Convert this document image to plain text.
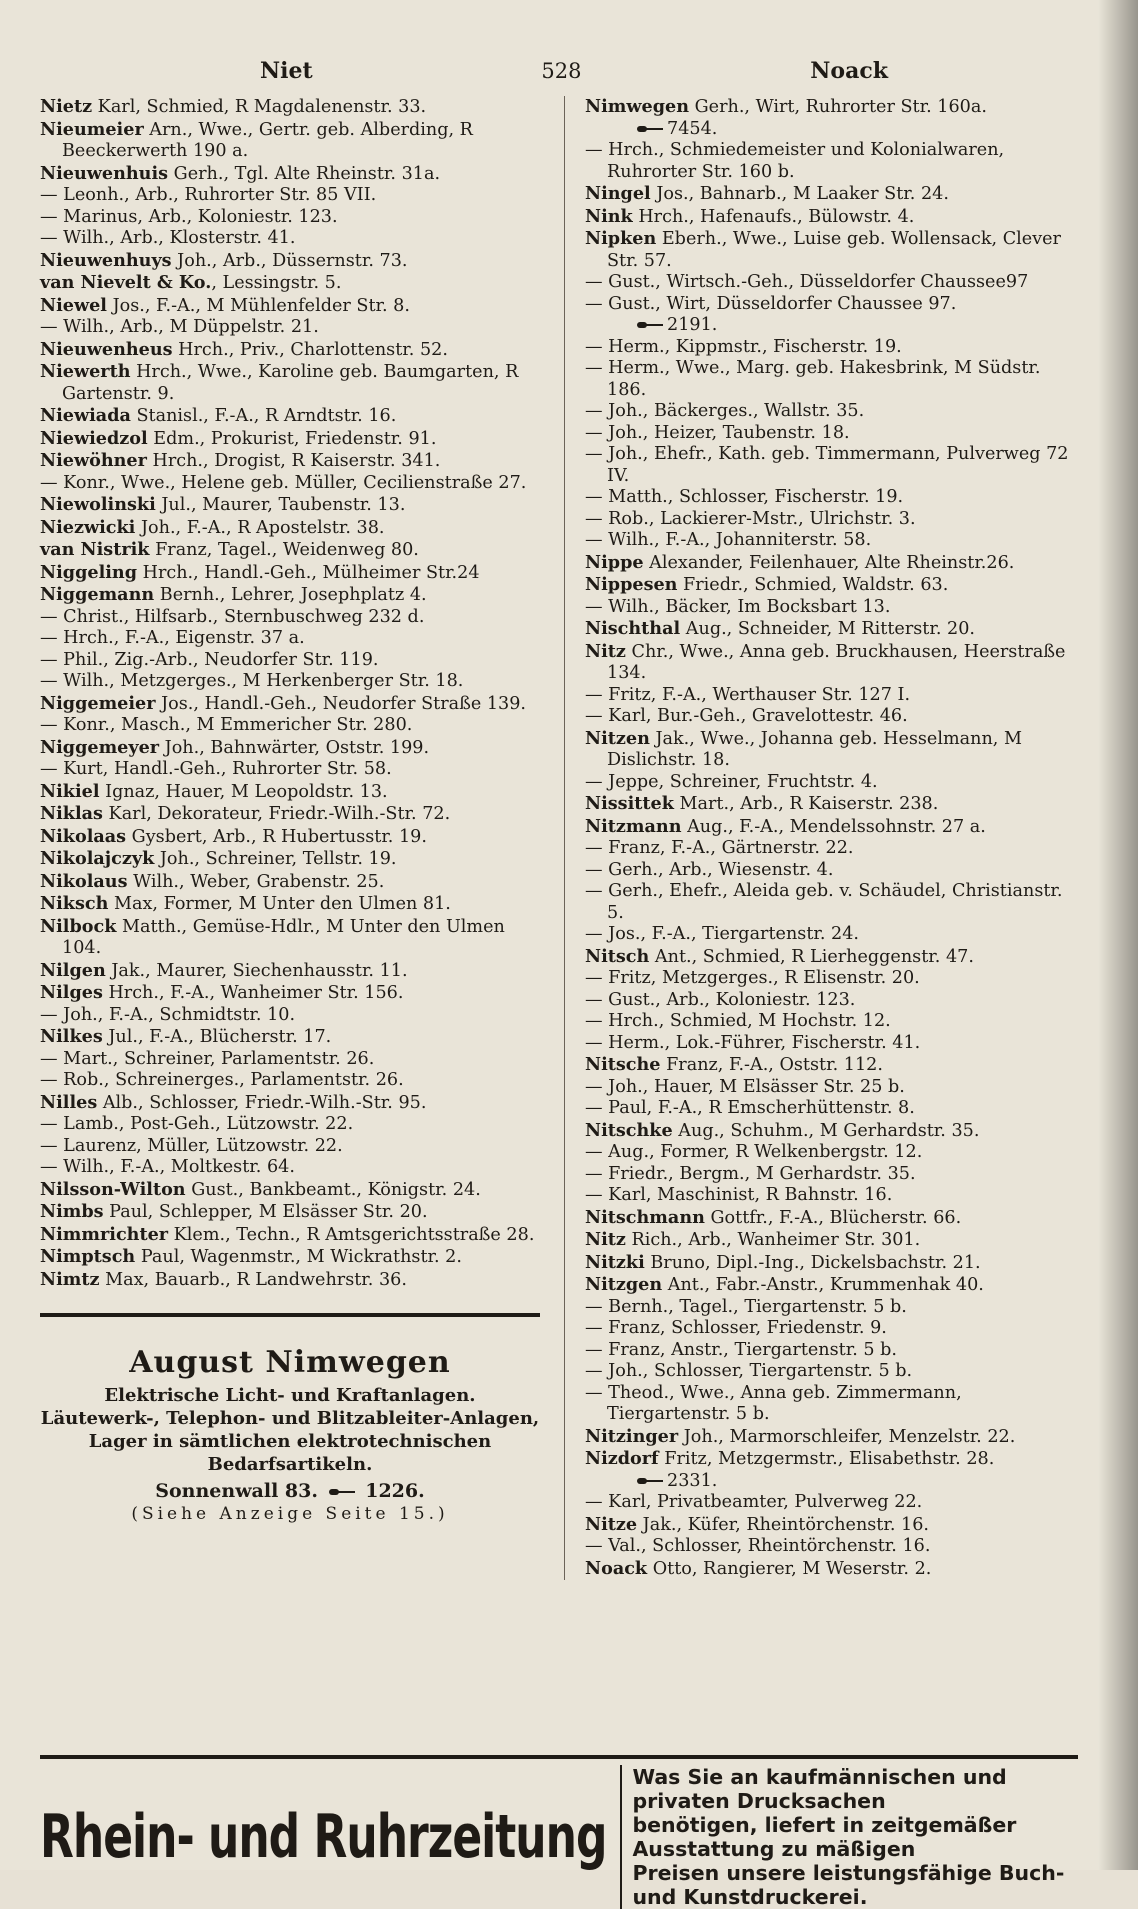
Niet	528	Noack

Nietz Karl, Schmied, R Magdalenenstr. 33.

Nieumeier Arn., Wwe., Gertr. geb. Alberding, R Beeckerwerth 190 a.

Nieuwenhuis Gerh., Tgl. Alte Rheinstr. 31a.

— Leonh., Arb., Ruhrorter Str. 85 VII.

— Marinus, Arb., Koloniestr. 123.

— Wilh., Arb., Klosterstr. 41.

Nieuwenhuys Joh., Arb., Düssernstr. 73.

van Nievelt & Ko., Lessingstr. 5.

Niewel Jos., F.-A., M Mühlenfelder Str. 8.

— Wilh., Arb., M Düppelstr. 21.

Nieuwenheus Hrch., Priv., Charlottenstr. 52.

Niewerth Hrch., Wwe., Karoline geb. Baumgarten, R Gartenstr. 9.

Niewiada Stanisl., F.-A., R Arndtstr. 16.

Niewiedzol Edm., Prokurist, Friedenstr. 91.

Niewöhner Hrch., Drogist, R Kaiserstr. 341.

— Konr., Wwe., Helene geb. Müller, Cecilienstraße 27.

Niewolinski Jul., Maurer, Taubenstr. 13.

Niezwicki Joh., F.-A., R Apostelstr. 38.

van Nistrik Franz, Tagel., Weidenweg 80.

Niggeling Hrch., Handl.-Geh., Mülheimer Str.24

Niggemann Bernh., Lehrer, Josephplatz 4.

— Christ., Hilfsarb., Sternbuschweg 232 d.

— Hrch., F.-A., Eigenstr. 37 a.

— Phil., Zig.-Arb., Neudorfer Str. 119.

— Wilh., Metzgerges., M Herkenberger Str. 18.

Niggemeier Jos., Handl.-Geh., Neudorfer Straße 139.

— Konr., Masch., M Emmericher Str. 280.

Niggemeyer Joh., Bahnwärter, Oststr. 199.

— Kurt, Handl.-Geh., Ruhrorter Str. 58.

Nikiel Ignaz, Hauer, M Leopoldstr. 13.

Niklas Karl, Dekorateur, Friedr.-Wilh.-Str. 72.

Nikolaas Gysbert, Arb., R Hubertusstr. 19.

Nikolajczyk Joh., Schreiner, Tellstr. 19.

Nikolaus Wilh., Weber, Grabenstr. 25.

Niksch Max, Former, M Unter den Ulmen 81.

Nilbock Matth., Gemüse-Hdlr., M Unter den Ulmen 104.

Nilgen Jak., Maurer, Siechenhausstr. 11.

Nilges Hrch., F.-A., Wanheimer Str. 156.

— Joh., F.-A., Schmidtstr. 10.

Nilkes Jul., F.-A., Blücherstr. 17.

— Mart., Schreiner, Parlamentstr. 26.

— Rob., Schreinerges., Parlamentstr. 26.

Nilles Alb., Schlosser, Friedr.-Wilh.-Str. 95.

— Lamb., Post-Geh., Lützowstr. 22.

— Laurenz, Müller, Lützowstr. 22.

— Wilh., F.-A., Moltkestr. 64.

Nilsson-Wilton Gust., Bankbeamt., Königstr. 24.

Nimbs Paul, Schlepper, M Elsässer Str. 20.

Nimmrichter Klem., Techn., R Amtsgerichtsstraße 28.

Nimptsch Paul, Wagenmstr., M Wickrathstr. 2.

Nimtz Max, Bauarb., R Landwehrstr. 36.

August Nimwegen
Elektrische Licht- und Kraftanlagen.
Läutewerk-, Telephon- und Blitzableiter-Anlagen, Lager in sämtlichen elektrotechnischen Bedarfsartikeln.
Sonnenwall 83. 1226.
(Siehe Anzeige Seite 15.)

Nimwegen Gerh., Wirt, Ruhrorter Str. 160a.

7454.

— Hrch., Schmiedemeister und Kolonialwaren, Ruhrorter Str. 160 b.

Ningel Jos., Bahnarb., M Laaker Str. 24.

Nink Hrch., Hafenaufs., Bülowstr. 4.

Nipken Eberh., Wwe., Luise geb. Wollensack, Clever Str. 57.

— Gust., Wirtsch.-Geh., Düsseldorfer Chaussee97

— Gust., Wirt, Düsseldorfer Chaussee 97.

2191.

— Herm., Kippmstr., Fischerstr. 19.

— Herm., Wwe., Marg. geb. Hakesbrink, M Südstr. 186.

— Joh., Bäckerges., Wallstr. 35.

— Joh., Heizer, Taubenstr. 18.

— Joh., Ehefr., Kath. geb. Timmermann, Pulverweg 72 IV.

— Matth., Schlosser, Fischerstr. 19.

— Rob., Lackierer-Mstr., Ulrichstr. 3.

— Wilh., F.-A., Johanniterstr. 58.

Nippe Alexander, Feilenhauer, Alte Rheinstr.26.

Nippesen Friedr., Schmied, Waldstr. 63.

— Wilh., Bäcker, Im Bocksbart 13.

Nischthal Aug., Schneider, M Ritterstr. 20.

Nitz Chr., Wwe., Anna geb. Bruckhausen, Heerstraße 134.

— Fritz, F.-A., Werthauser Str. 127 I.

— Karl, Bur.-Geh., Gravelottestr. 46.

Nitzen Jak., Wwe., Johanna geb. Hesselmann, M Dislichstr. 18.

— Jeppe, Schreiner, Fruchtstr. 4.

Nissittek Mart., Arb., R Kaiserstr. 238.

Nitzmann Aug., F.-A., Mendelssohnstr. 27 a.

— Franz, F.-A., Gärtnerstr. 22.

— Gerh., Arb., Wiesenstr. 4.

— Gerh., Ehefr., Aleida geb. v. Schäudel, Christianstr. 5.

— Jos., F.-A., Tiergartenstr. 24.

Nitsch Ant., Schmied, R Lierheggenstr. 47.

— Fritz, Metzgerges., R Elisenstr. 20.

— Gust., Arb., Koloniestr. 123.

— Hrch., Schmied, M Hochstr. 12.

— Herm., Lok.-Führer, Fischerstr. 41.

Nitsche Franz, F.-A., Oststr. 112.

— Joh., Hauer, M Elsässer Str. 25 b.

— Paul, F.-A., R Emscherhüttenstr. 8.

Nitschke Aug., Schuhm., M Gerhardstr. 35.

— Aug., Former, R Welkenbergstr. 12.

— Friedr., Bergm., M Gerhardstr. 35.

— Karl, Maschinist, R Bahnstr. 16.

Nitschmann Gottfr., F.-A., Blücherstr. 66.

Nitz Rich., Arb., Wanheimer Str. 301.

Nitzki Bruno, Dipl.-Ing., Dickelsbachstr. 21.

Nitzgen Ant., Fabr.-Anstr., Krummenhak 40.

— Bernh., Tagel., Tiergartenstr. 5 b.

— Franz, Schlosser, Friedenstr. 9.

— Franz, Anstr., Tiergartenstr. 5 b.

— Joh., Schlosser, Tiergartenstr. 5 b.

— Theod., Wwe., Anna geb. Zimmermann, Tiergartenstr. 5 b.

Nitzinger Joh., Marmorschleifer, Menzelstr. 22.

Nizdorf Fritz, Metzgermstr., Elisabethstr. 28.

2331.

— Karl, Privatbeamter, Pulverweg 22.

Nitze Jak., Küfer, Rheintörchenstr. 16.

— Val., Schlosser, Rheintörchenstr. 16.

Noack Otto, Rangierer, M Weserstr. 2.

Rhein- und Ruhrzeitung
Was Sie an kaufmännischen und privaten Drucksachen
benötigen, liefert in zeitgemäßer Ausstattung zu mäßigen
Preisen unsere leistungsfähige Buch- und Kunstdruckerei.
